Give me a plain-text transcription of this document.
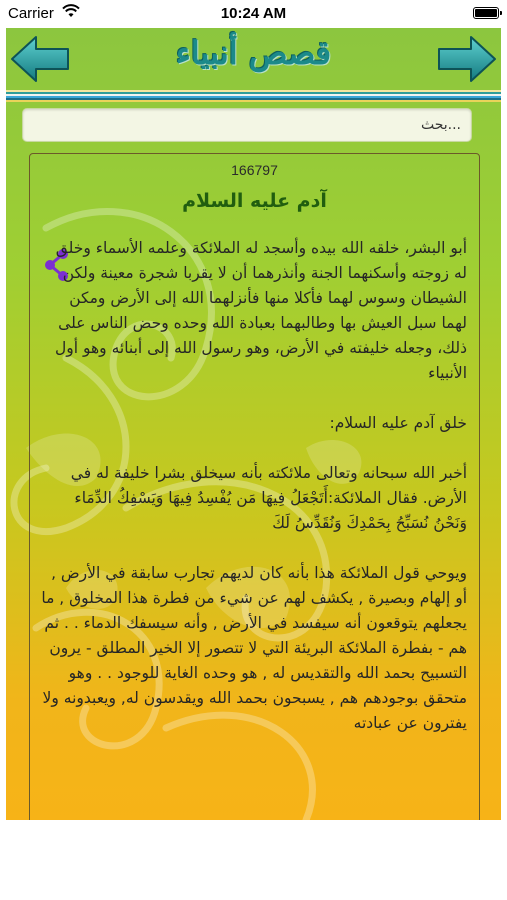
Carrier	10:24 AM
قصص أنبياء
...بحث
166797
آدم عليه السلام
أبو البشر، خلقه الله بيده وأسجد له الملائكة وعلمه الأسماء وخلق له زوجته وأسكنهما الجنة وأنذرهما أن لا يقربا شجرة معينة ولكن الشيطان وسوس لهما فأكلا منها فأنزلهما الله إلى الأرض ومكن لهما سبل العيش بها وطالبهما بعبادة الله وحده وحض الناس على ذلك، وجعله خليفته في الأرض، وهو رسول الله إلى أبنائه وهو أول الأنبياء

خلق آدم عليه السلام:

أخبر الله سبحانه وتعالى ملائكته بأنه سيخلق بشرا خليفة له في الأرض. فقال الملائكة:أَتَجْعَلُ فِيهَا مَن يُفْسِدُ فِيهَا وَيَسْفِكُ الدِّمَاء وَنَحْنُ نُسَبِّحُ بِحَمْدِكَ وَنُقَدِّسُ لَكَ

ويوحي قول الملائكة هذا بأنه كان لديهم تجارب سابقة في الأرض , أو إلهام وبصيرة , يكشف لهم عن شيء من فطرة هذا المخلوق , ما يجعلهم يتوقعون أنه سيفسد في الأرض , وأنه سيسفك الدماء . . ثم هم - بفطرة الملائكة البريئة التي لا تتصور إلا الخير المطلق - يرون التسبيح بحمد الله والتقديس له , هو وحده الغاية للوجود . . وهو متحقق بوجودهم هم , يسبحون بحمد الله ويقدسون له, ويعبدونه ولا يفترون عن عبادته
